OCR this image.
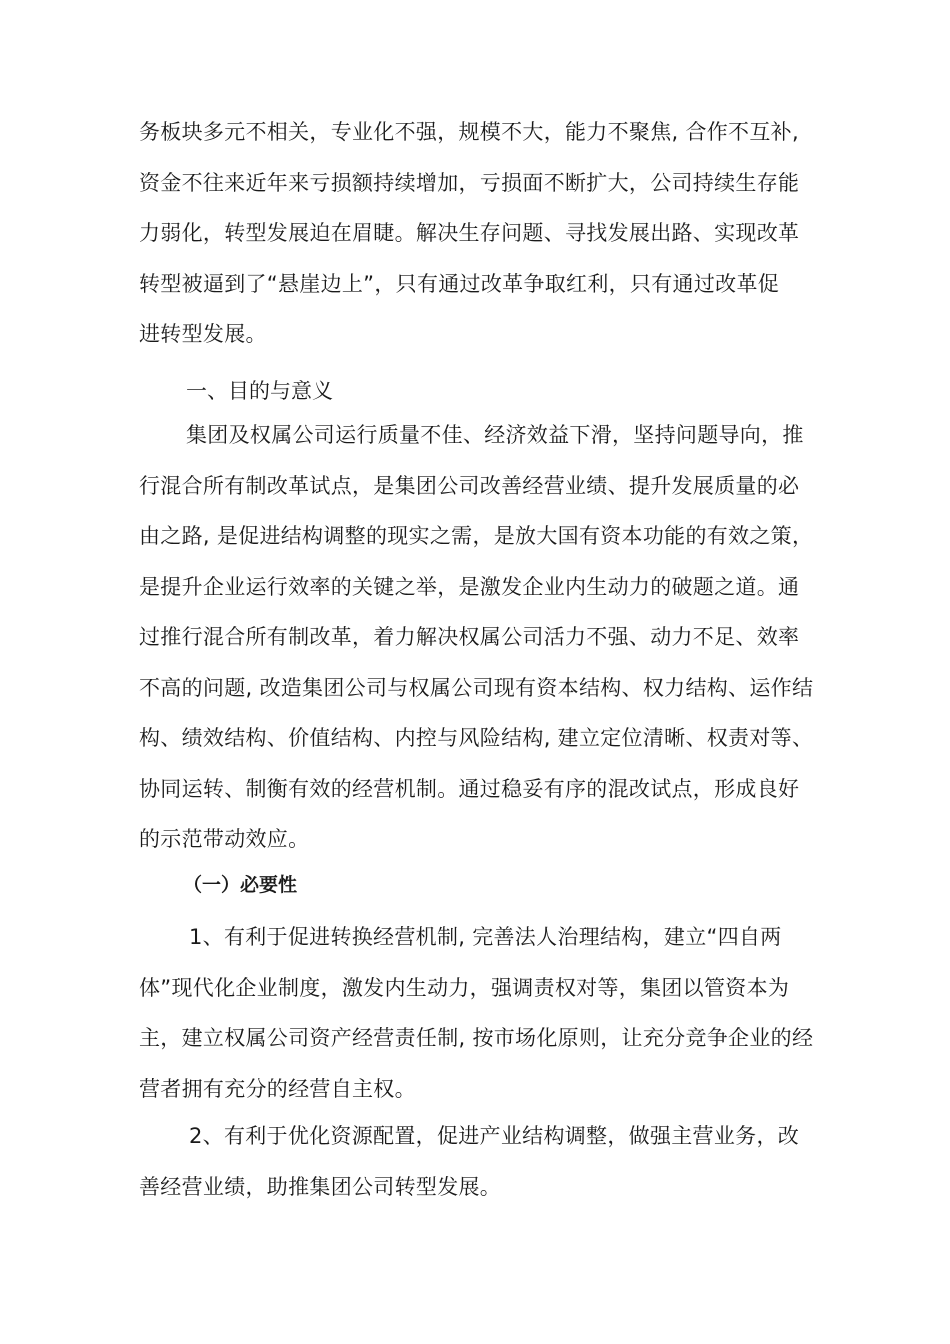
务板块多元不相关，专业化不强，规模不大，能力不聚焦, 合作不互补,
资金不往来近年来亏损额持续增加，亏损面不断扩大，公司持续生存能
力弱化，转型发展迫在眉睫。解决生存问题、寻找发展出路、实现改革
转型被逼到了“悬崖边上”，只有通过改革争取红利，只有通过改革促
进转型发展。
一、目的与意义
集团及权属公司运行质量不佳、经济效益下滑，坚持问题导向，推
行混合所有制改革试点，是集团公司改善经营业绩、提升发展质量的必
由之路, 是促进结构调整的现实之需，是放大国有资本功能的有效之策，
是提升企业运行效率的关键之举，是激发企业内生动力的破题之道。通
过推行混合所有制改革，着力解决权属公司活力不强、动力不足、效率
不高的问题, 改造集团公司与权属公司现有资本结构、权力结构、运作结
构、绩效结构、价值结构、内控与风险结构, 建立定位清晰、权责对等、
协同运转、制衡有效的经营机制。通过稳妥有序的混改试点，形成良好
的示范带动效应。
（一）必要性
1、有利于促进转换经营机制, 完善法人治理结构，建立“四自两
体”现代化企业制度，激发内生动力，强调责权对等，集团以管资本为
主，建立权属公司资产经营责任制, 按市场化原则，让充分竞争企业的经
营者拥有充分的经营自主权。
2、有利于优化资源配置，促进产业结构调整，做强主营业务，改
善经营业绩，助推集团公司转型发展。
